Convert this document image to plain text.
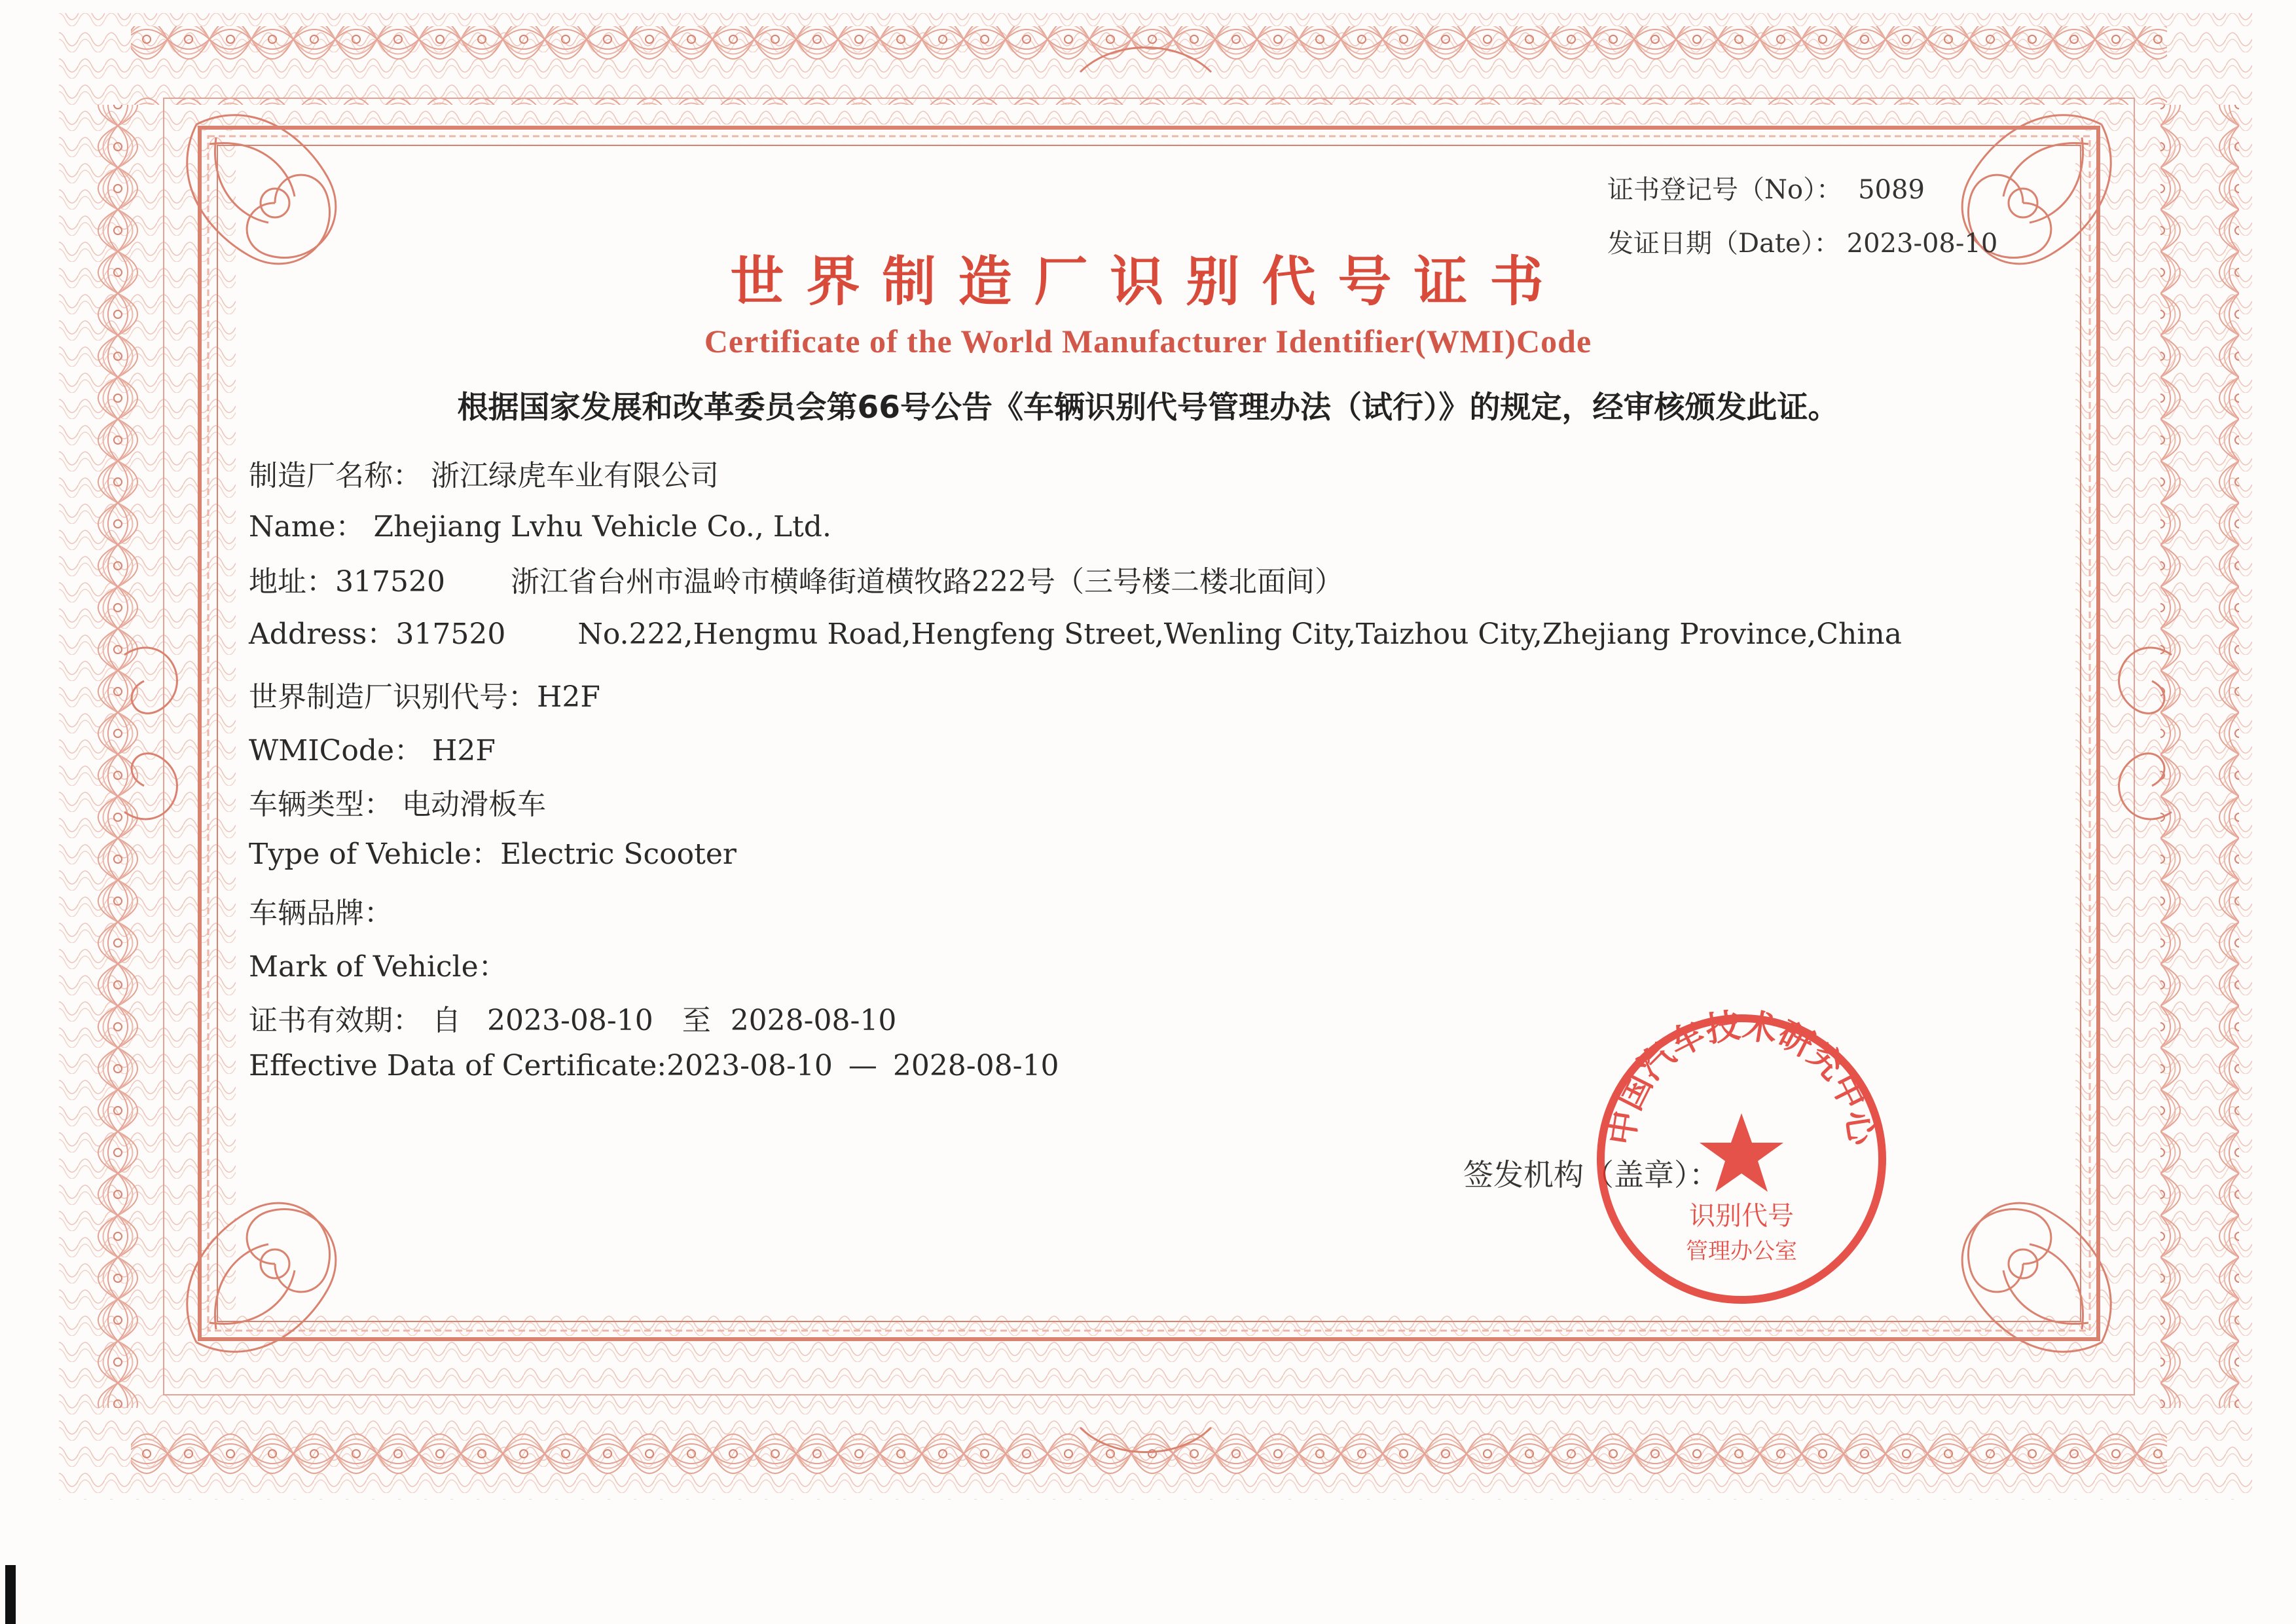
证书登记号（No）： 5089
发证日期（Date）： 2023-08-10
世界制造厂识别代号证书
Certificate of the World Manufacturer Identifier(WMI)Code
根据国家发展和改革委员会第66号公告《车辆识别代号管理办法（试行）》的规定，经审核颁发此证。
制造厂名称： 浙江绿虎车业有限公司
Name： Zhejiang Lvhu Vehicle Co., Ltd.
地址：317520 浙江省台州市温岭市横峰街道横牧路222号（三号楼二楼北面间）
Address：317520	No.222,Hengmu Road,Hengfeng Street,Wenling City,Taizhou City,Zhejiang Province,China
世界制造厂识别代号：H2F
WMICode： H2F
车辆类型： 电动滑板车
Type of Vehicle：Electric Scooter
车辆品牌：
Mark of Vehicle：
证书有效期： 自 2023-08-10 至 2028-08-10
Effective Data of Certificate:2023-08-10 — 2028-08-10
签发机构（盖章）：
中国汽车技术研究中心
识别代号
管理办公室
